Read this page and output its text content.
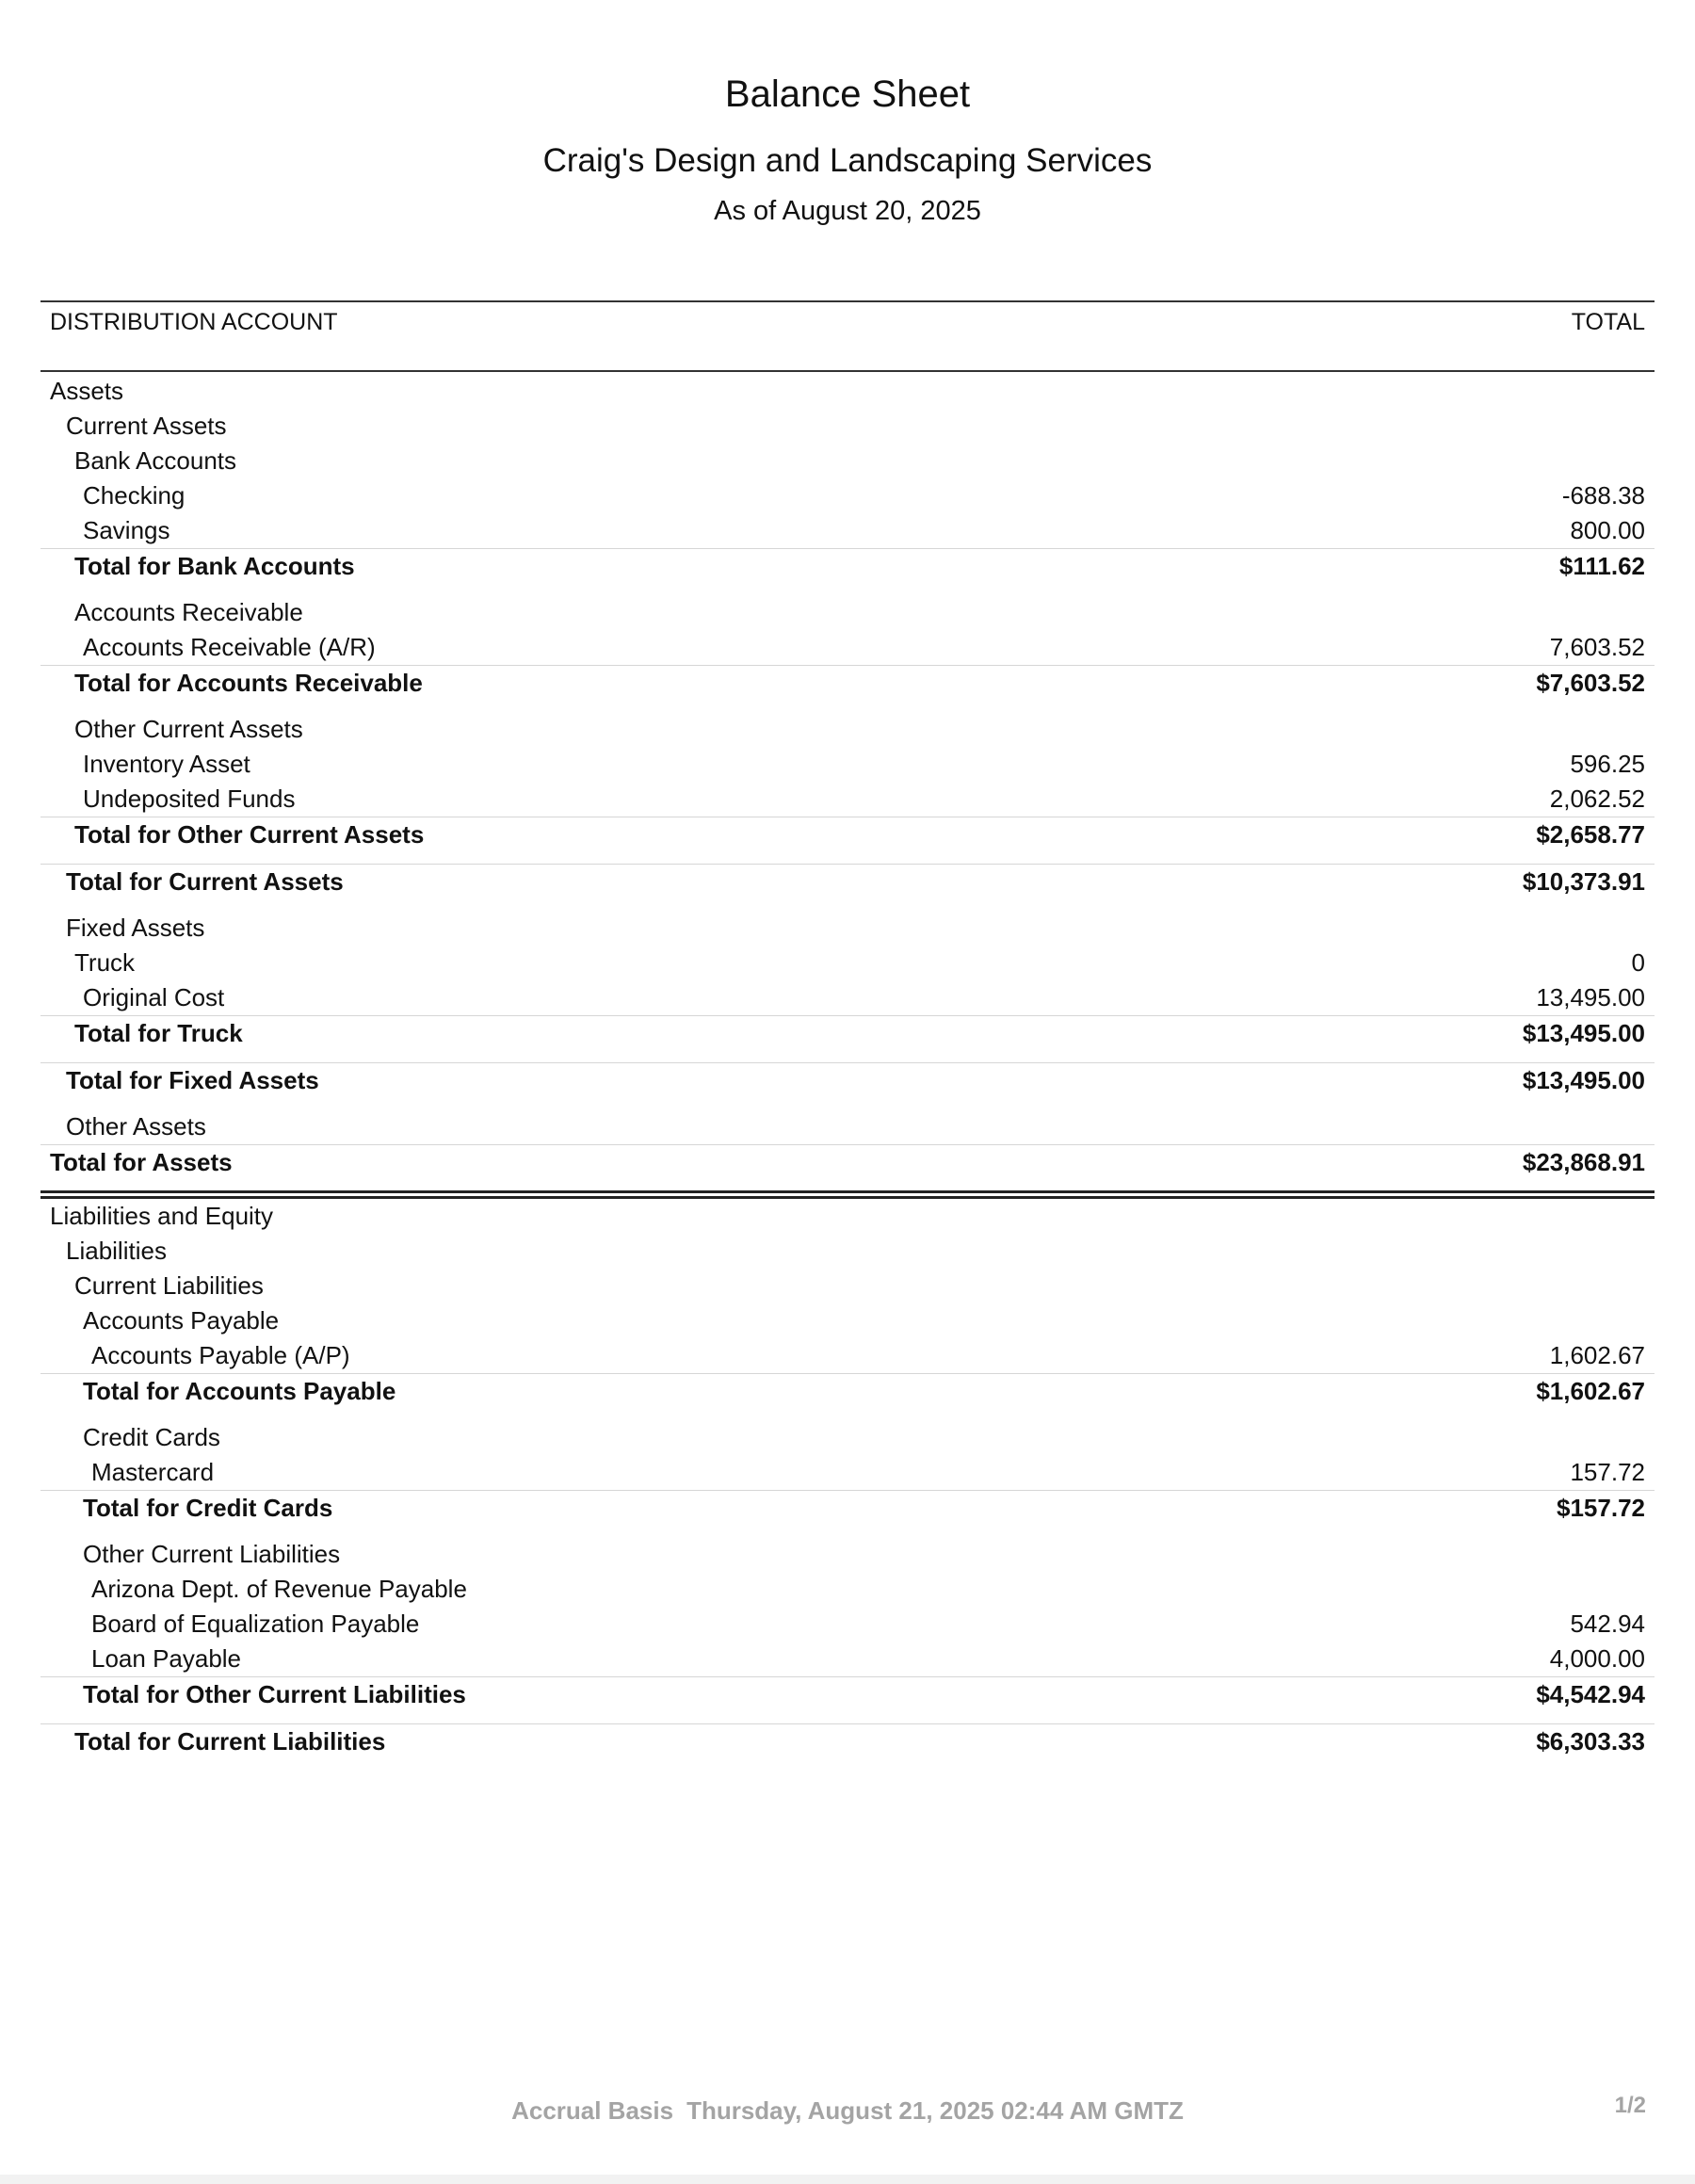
Balance Sheet
Craig's Design and Landscaping Services
As of August 20, 2025
DISTRIBUTION ACCOUNT	TOTAL
Assets
Current Assets
Bank Accounts
Checking	-688.38
Savings	800.00
Total for Bank Accounts	$111.62
Accounts Receivable
Accounts Receivable (A/R)	7,603.52
Total for Accounts Receivable	$7,603.52
Other Current Assets
Inventory Asset	596.25
Undeposited Funds	2,062.52
Total for Other Current Assets	$2,658.77
Total for Current Assets	$10,373.91
Fixed Assets
Truck	0
Original Cost	13,495.00
Total for Truck	$13,495.00
Total for Fixed Assets	$13,495.00
Other Assets
Total for Assets	$23,868.91
Liabilities and Equity
Liabilities
Current Liabilities
Accounts Payable
Accounts Payable (A/P)	1,602.67
Total for Accounts Payable	$1,602.67
Credit Cards
Mastercard	157.72
Total for Credit Cards	$157.72
Other Current Liabilities
Arizona Dept. of Revenue Payable
Board of Equalization Payable	542.94
Loan Payable	4,000.00
Total for Other Current Liabilities	$4,542.94
Total for Current Liabilities	$6,303.33
Accrual Basis Thursday, August 21, 2025 02:44 AM GMTZ	1/2
